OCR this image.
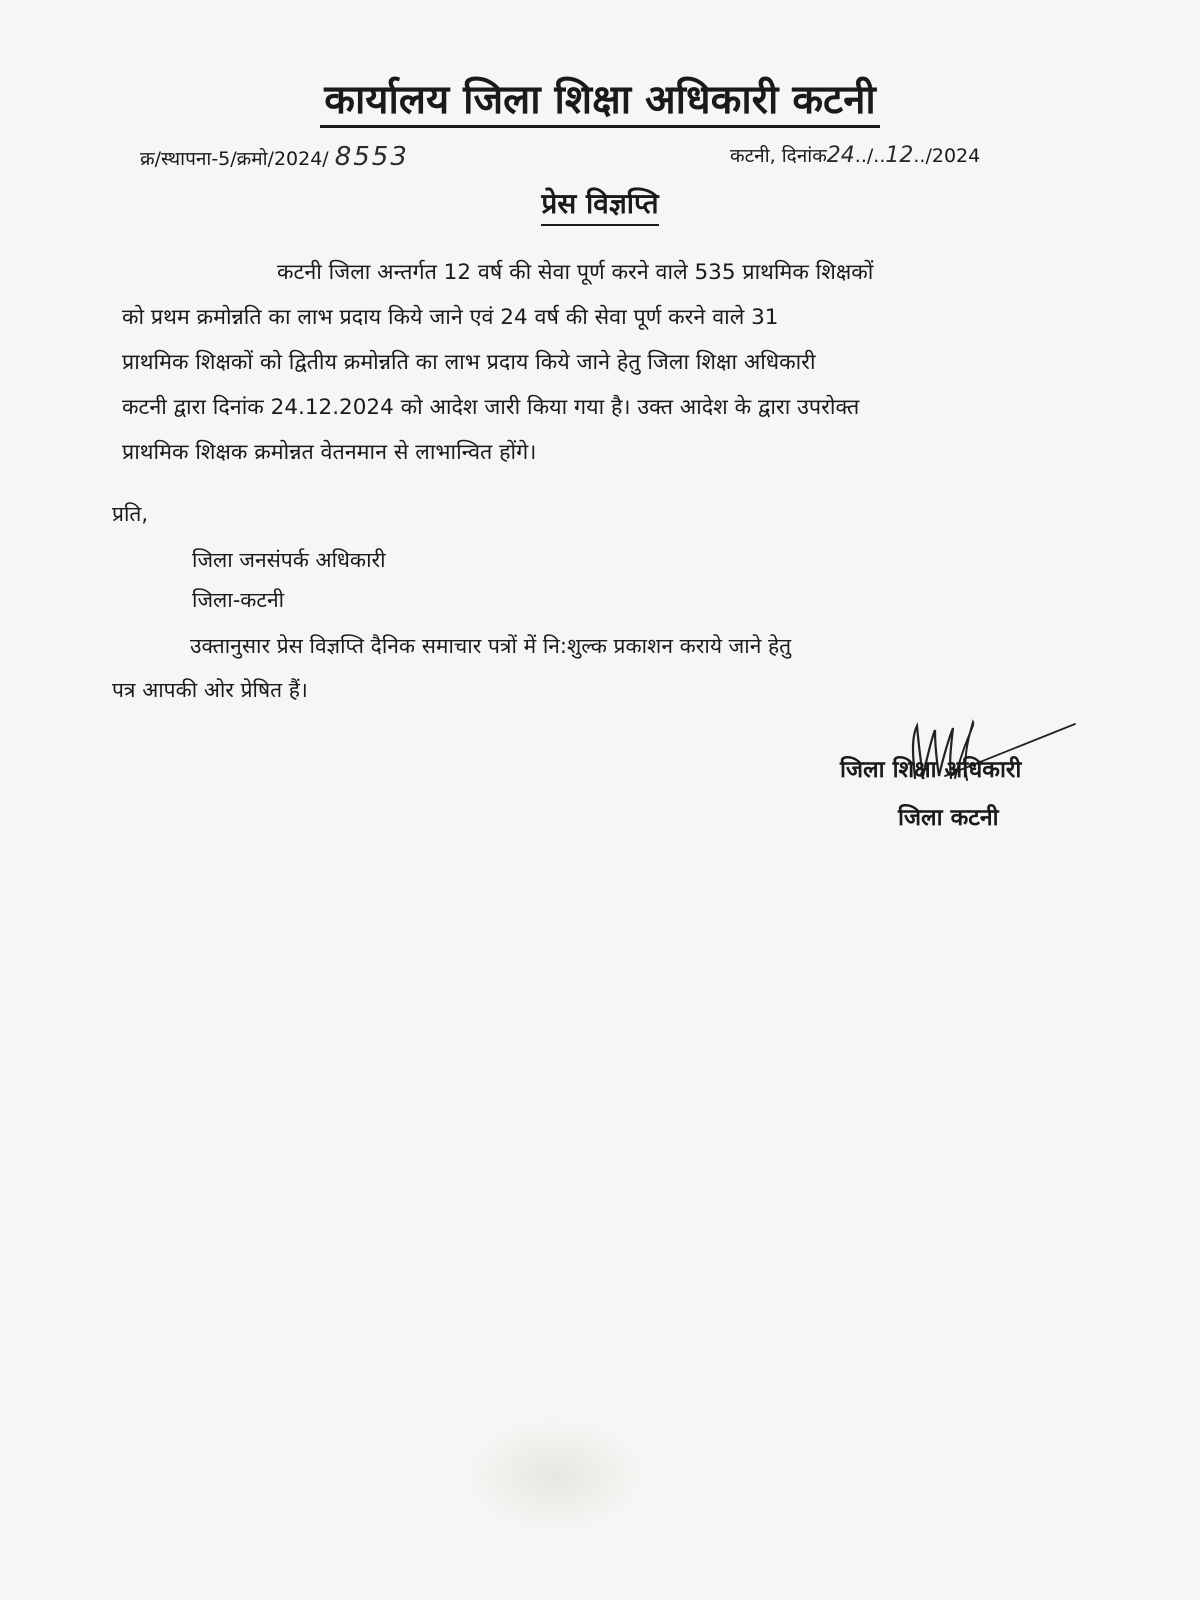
कार्यालय जिला शिक्षा अधिकारी कटनी
क्र/स्थापना-5/क्रमो/2024/ 8553	कटनी, दिनांक24../..12../2024
प्रेस विज्ञप्ति
कटनी जिला अन्तर्गत 12 वर्ष की सेवा पूर्ण करने वाले 535 प्राथमिक शिक्षकों
को प्रथम क्रमोन्नति का लाभ प्रदाय किये जाने एवं 24 वर्ष की सेवा पूर्ण करने वाले 31
प्राथमिक शिक्षकों को द्वितीय क्रमोन्नति का लाभ प्रदाय किये जाने हेतु जिला शिक्षा अधिकारी
कटनी द्वारा दिनांक 24.12.2024 को आदेश जारी किया गया है। उक्त आदेश के द्वारा उपरोक्त
प्राथमिक शिक्षक क्रमोन्नत वेतनमान से लाभान्वित होंगे।
प्रति,
जिला जनसंपर्क अधिकारी
जिला-कटनी
उक्तानुसार प्रेस विज्ञप्ति दैनिक समाचार पत्रों में नि:शुल्क प्रकाशन कराये जाने हेतु
पत्र आपकी ओर प्रेषित हैं।
जिला शिक्षा अधिकारी
जिला कटनी
